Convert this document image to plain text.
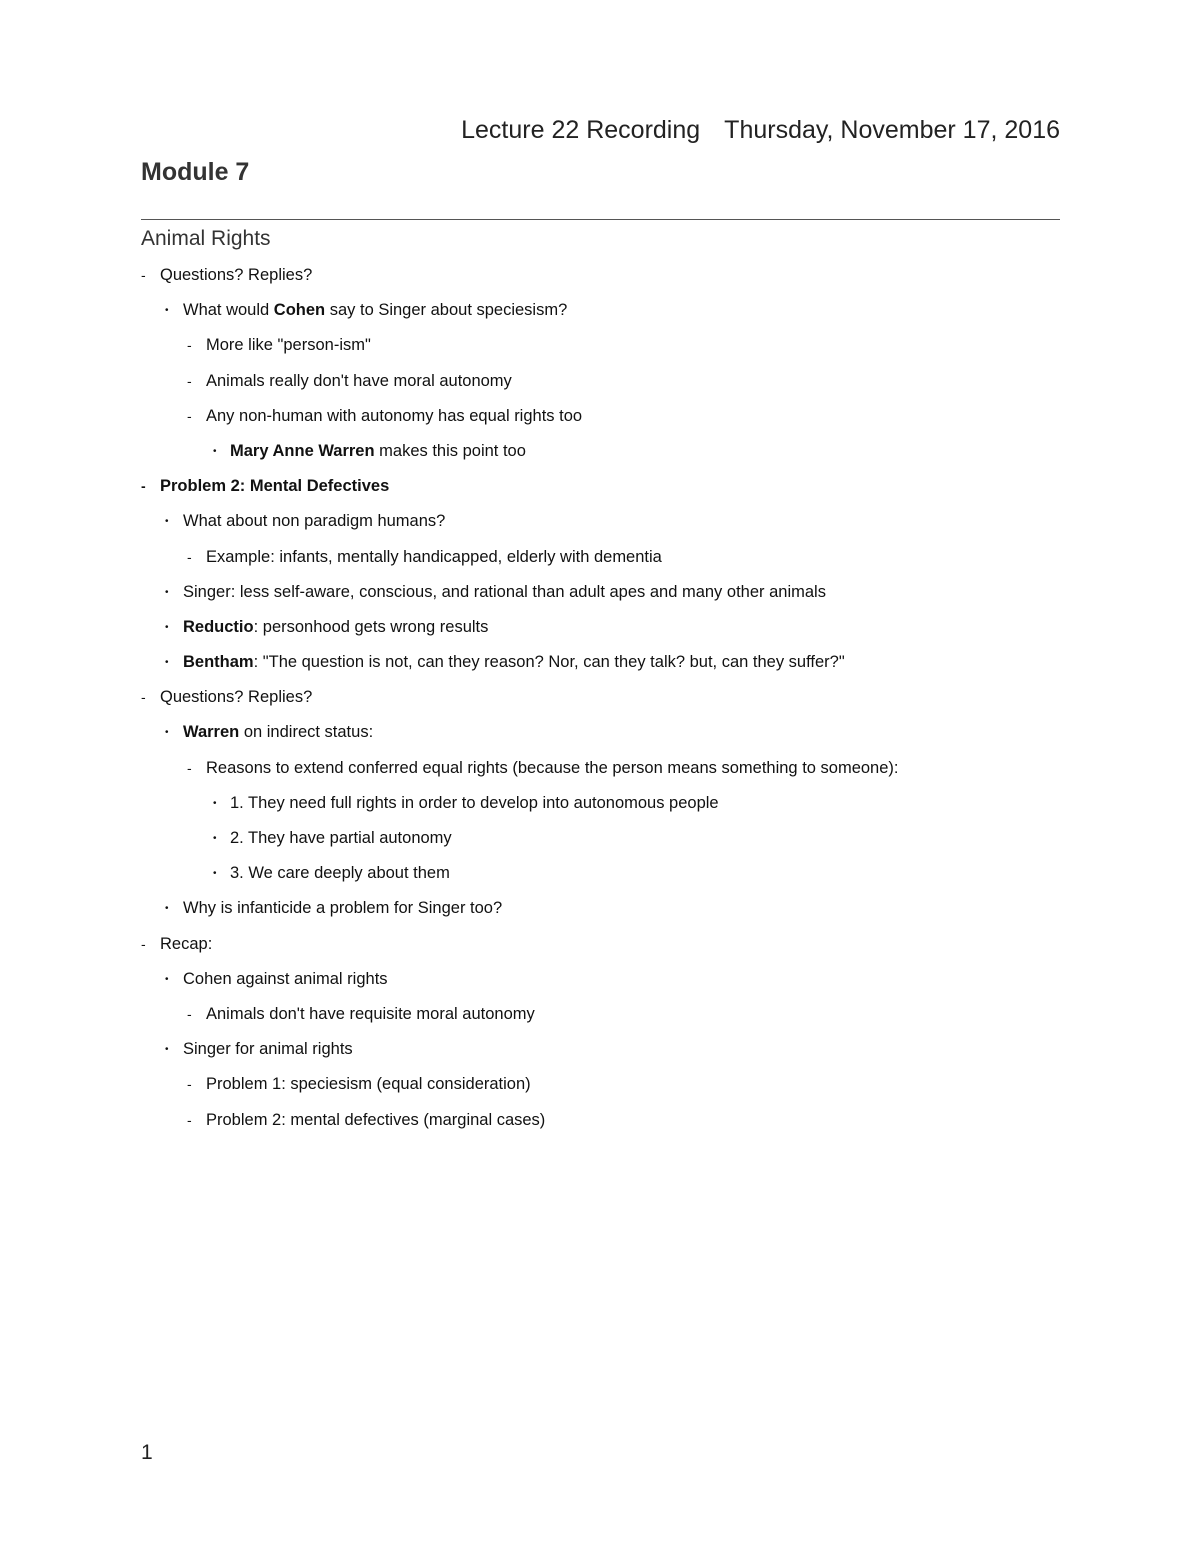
Lecture 22 Recording Thursday, November 17, 2016
Module 7
Animal Rights
- Questions? Replies?
• What would Cohen say to Singer about speciesism?
- More like "person-ism"
- Animals really don't have moral autonomy
- Any non-human with autonomy has equal rights too
• Mary Anne Warren makes this point too
- Problem 2: Mental Defectives
• What about non paradigm humans?
- Example: infants, mentally handicapped, elderly with dementia
• Singer: less self-aware, conscious, and rational than adult apes and many other animals
• Reductio: personhood gets wrong results
• Bentham: "The question is not, can they reason? Nor, can they talk? but, can they suffer?"
- Questions? Replies?
• Warren on indirect status:
- Reasons to extend conferred equal rights (because the person means something to someone):
• 1. They need full rights in order to develop into autonomous people
• 2. They have partial autonomy
• 3. We care deeply about them
• Why is infanticide a problem for Singer too?
- Recap:
• Cohen against animal rights
- Animals don't have requisite moral autonomy
• Singer for animal rights
- Problem 1: speciesism (equal consideration)
- Problem 2: mental defectives (marginal cases)
1
